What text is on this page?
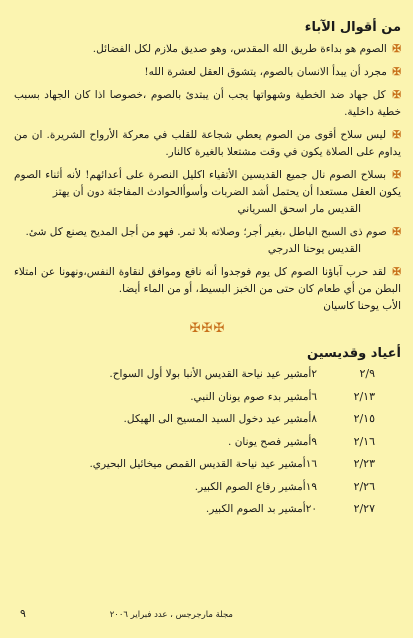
من أقوال الآباء

✠ الصوم هو بداءة طريق الله المقدس، وهو صديق ملازم لكل الفضائل.

✠ مجرد أن يبدأ الانسان بالصوم، يتشوق العقل لعشرة الله!

✠ كل جهاد ضد الخطية وشهواتها يجب أن يبتدئ بالصوم ،خصوصا اذا كان الجهاد بسبب خطية داخلية.

✠ ليس سلاح أقوى من الصوم يعطي شجاعة للقلب في معركة الأرواح الشريرة. ان من يداوم على الصلاة يكون في وقت مشتعلا بالغيرة كالنار.

✠ بسلاح الصوم نال جميع القديسين الأتقياء اكليل النصرة على أعدائهم! لأنه أثناء الصوم يكون العقل مستعدا أن يحتمل أشد الضربات وأسوأالحوادث المفاجئة دون أن يهتز
القديس مار اسحق السرياني

✠ صوم ذى السبح الباطل ،بغير أجر؛ وصلاته بلا ثمر. فهو من أجل المديح يصنع كل شئ.
القديس يوحنا الدرجي

✠ لقد حرب آباؤنا الصوم كل يوم فوجدوا أنه نافع وموافق لنقاوة النفس،ونهونا عن امتلاء البطن من أي طعام كان حتى من الخبز البسيط، أو من الماء أيضا.
الأب يوحنا كاسيان

✠✠✠
أعياد وقديسين
٢/٩
٢أمشير عيد نياحة القديس الأنبا بولا أول السواح.
٢/١٣
٦أمشير بدء صوم يونان النبي.
٢/١٥
٨أمشير عيد دخول السيد المسيح الى الهيكل.
٢/١٦
٩أمشير فصح يونان .
٢/٢٣
١٦أمشير عيد نياحة القديس القمص ميخائيل البحيري.
٢/٢٦
١٩أمشير رفاع الصوم الكبير.
٢/٢٧
٢٠أمشير بد الصوم الكبير.
مجلة مارجرجس ، عدد فبراير ٢٠٠٦
٩
